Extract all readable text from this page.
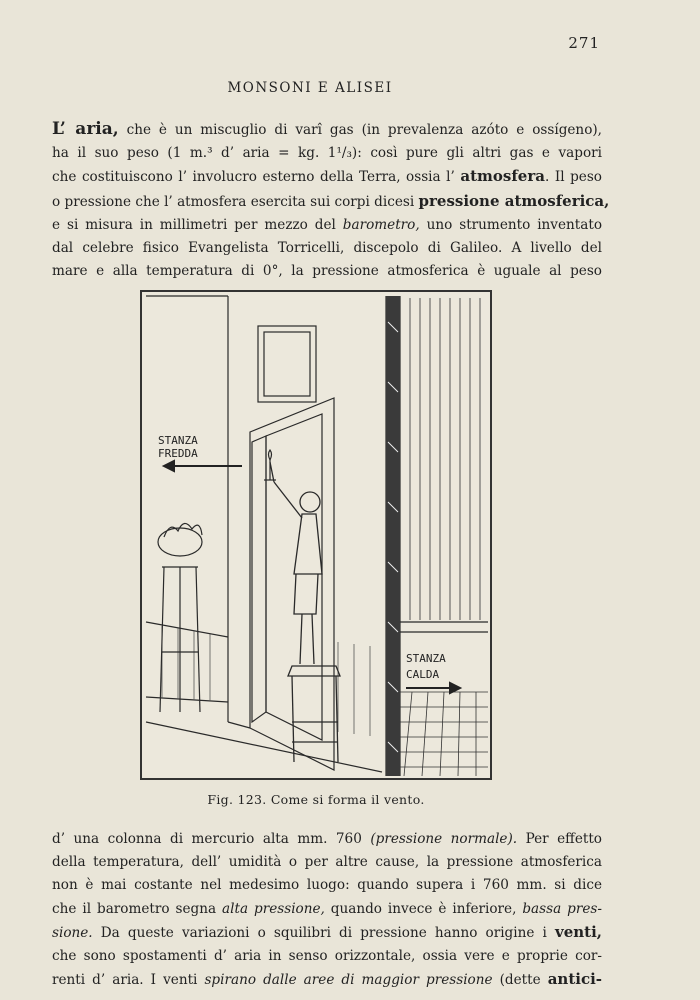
271
MONSONI E ALISEI
L’ aria, che è un miscuglio di varî gas (in prevalenza azóto e ossígeno),
ha il suo peso (1 m.³ d’ aria = kg. 1¹/₃): così pure gli altri gas e vapori
che costituiscono l’ involucro esterno della Terra, ossia l’ atmosfera. Il peso
o pressione che l’ atmosfera esercita sui corpi dicesi pressione atmosferica,
e si misura in millimetri per mezzo del barometro, uno strumento inventato
dal celebre fisico Evangelista Torricelli, discepolo di Galileo. A livello del
mare e alla temperatura di 0°, la pressione atmosferica è uguale al peso
STANZA
FREDDA
STANZA
CALDA
Fig. 123. Come si forma il vento.
d’ una colonna di mercurio alta mm. 760 (pressione normale). Per effetto
della temperatura, dell’ umidità o per altre cause, la pressione atmosferica
non è mai costante nel medesimo luogo: quando supera i 760 mm. si dice
che il barometro segna alta pressione, quando invece è inferiore, bassa pres-
sione. Da queste variazioni o squilibri di pressione hanno origine i venti,
che sono spostamenti d’ aria in senso orizzontale, ossia vere e proprie cor-
renti d’ aria. I venti spirano dalle aree di maggior pressione (dette antici-
